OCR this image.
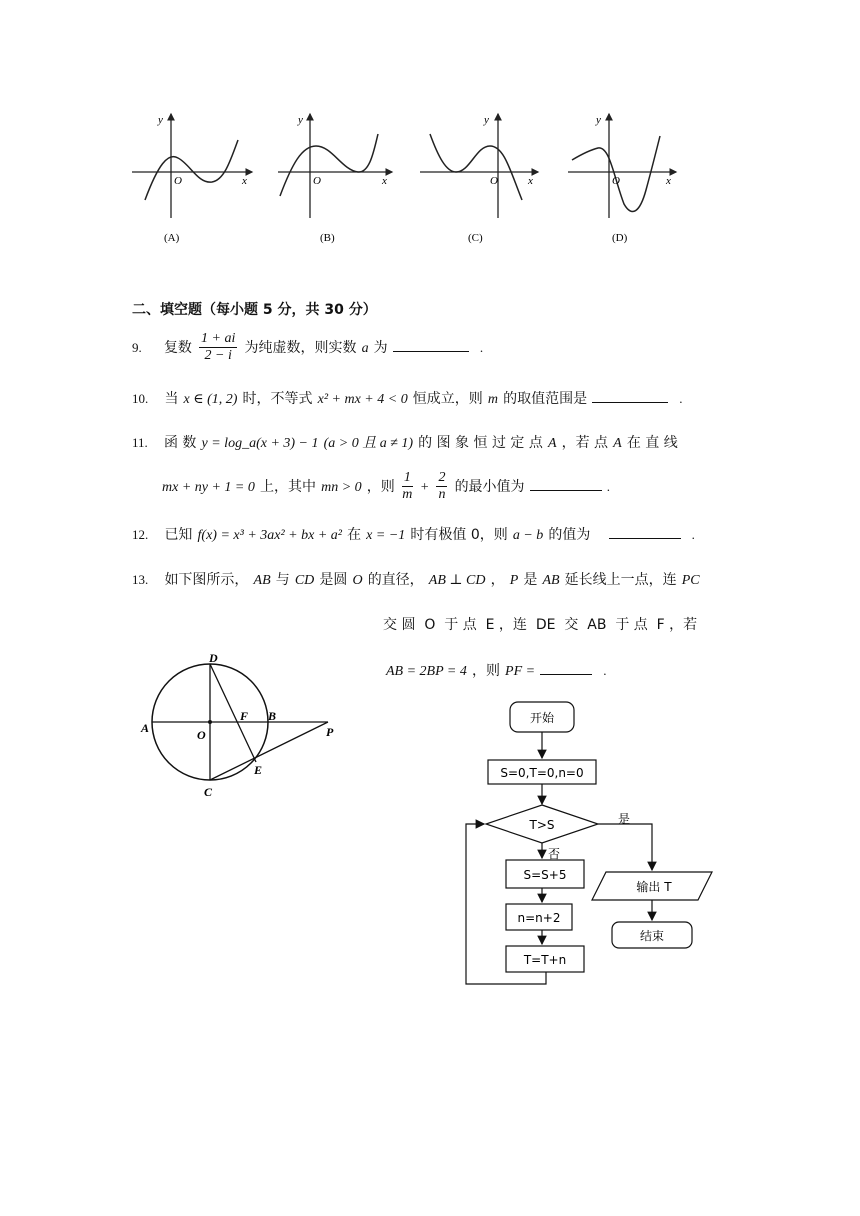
y
x
O
(A)
y
x
O
(B)
y
x
O
(C)
y
x
O
(D)
二、填空题（每小题 5 分，共 30 分）
9. 复数 $\frac{1 + ai}{2 - i}$ 为纯虚数，则实数 a 为	.
10. 当 x ∈ (1, 2) 时，不等式 x² + mx + 4 < 0 恒成立，则 m 的取值范围是	.
11. 函 数 y = log_a(x + 3) − 1 (a > 0 且 a ≠ 1) 的 图 象 恒 过 定 点 A ，若 点 A 在 直 线
mx + ny + 1 = 0 上，其中 mn > 0 ，则 $\frac{1}{m} + \frac{2}{n}$ 的最小值为	.
12. 已知 f(x) = x³ + 3ax² + bx + a² 在 x = −1 时有极值 0，则 a − b 的值为	.
13. 如下图所示， AB 与 CD 是圆 O 的直径， AB ⊥ CD ， P 是 AB 延长线上一点，连 PC
交 圆  O  于 点  E ，连  DE  交  AB  于 点  F ，若
AB = 2BP = 4 ，则 PF =	.
D
A	O
F B
P
E
C
开始
S=0,T=0,n=0
T>S	是
输出 T
结束
否
S=S+5
n=n+2
T=T+n
